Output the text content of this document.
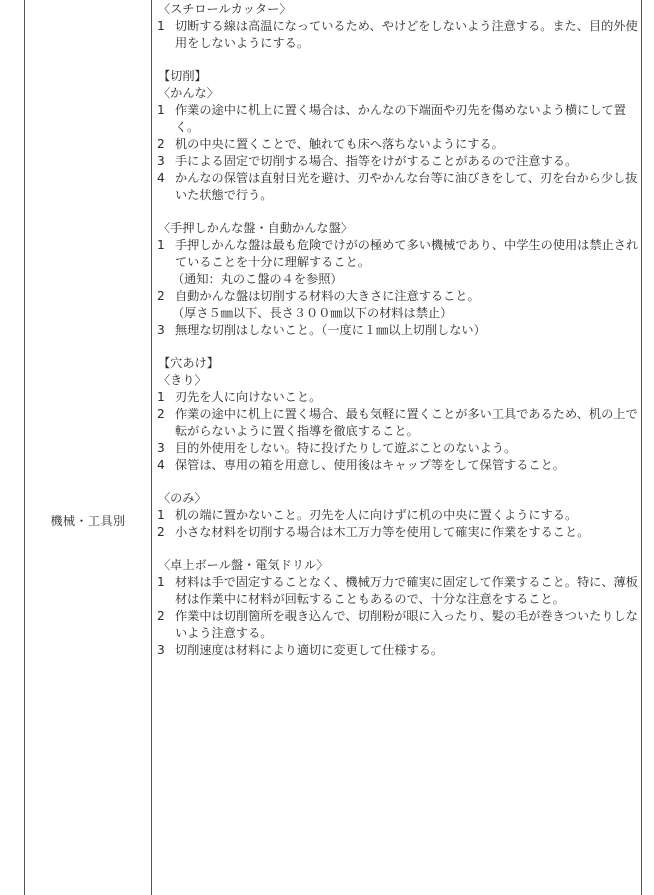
機械・工具別
〈スチロールカッター〉
1 切断する線は高温になっているため、やけどをしないよう注意する。また、目的外使用をしないようにする。
【切削】
〈かんな〉
1 作業の途中に机上に置く場合は、かんなの下端面や刃先を傷めないよう横にして置く。
2 机の中央に置くことで、触れても床へ落ちないようにする。
3 手による固定で切削する場合、指等をけがすることがあるので注意する。
4 かんなの保管は直射日光を避け、刃やかんな台等に油びきをして、刃を台から少し抜いた状態で行う。
〈手押しかんな盤・自動かんな盤〉
1 手押しかんな盤は最も危険でけがの極めて多い機械であり、中学生の使用は禁止されていることを十分に理解すること。
（通知：丸のこ盤の４を参照）
2 自動かんな盤は切削する材料の大きさに注意すること。
（厚さ５㎜以下、長さ３００㎜以下の材料は禁止）
3 無理な切削はしないこと。（一度に１㎜以上切削しない）
【穴あけ】
〈きり〉
1 刃先を人に向けないこと。
2 作業の途中に机上に置く場合、最も気軽に置くことが多い工具であるため、机の上で転がらないように置く指導を徹底すること。
3 目的外使用をしない。特に投げたりして遊ぶことのないよう。
4 保管は、専用の箱を用意し、使用後はキャップ等をして保管すること。
〈のみ〉
1 机の端に置かないこと。刃先を人に向けずに机の中央に置くようにする。
2 小さな材料を切削する場合は木工万力等を使用して確実に作業をすること。
〈卓上ボール盤・電気ドリル〉
1 材料は手で固定することなく、機械万力で確実に固定して作業すること。特に、薄板材は作業中に材料が回転することもあるので、十分な注意をすること。
2 作業中は切削箇所を覗き込んで、切削粉が眼に入ったり、髪の毛が巻きついたりしないよう注意する。
3 切削速度は材料により適切に変更して仕様する。
